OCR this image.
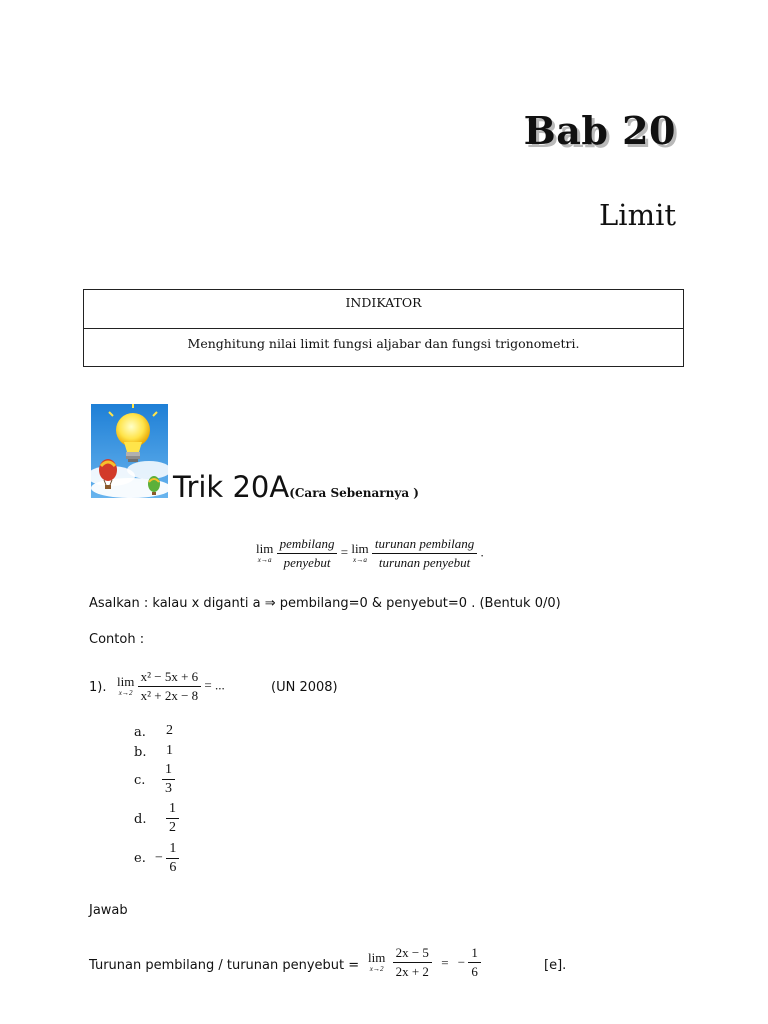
Bab 20
Limit
INDIKATOR
Menghitung nilai limit fungsi aljabar dan fungsi trigonometri.
Trik 20A(Cara Sebenarnya )
lim
x→a
$\frac{\text{pembilang}}{\text{penyebut}} = \lim$
x→a
$\frac{\text{turunan pembilang}}{\text{turunan penyebut}}$ .
Asalkan : kalau x diganti a ⇒ pembilang=0 & penyebut=0 . (Bentuk 0/0)
Contoh :
1). lim
x→2
$\frac{\text{x² − 5x + 6}}{\text{x² + 2x − 8}}$ = ...	(UN 2008)
a. 2
b. 1
c. $\frac{1}{3}$
d. $\frac{1}{2}$
e. − $\frac{1}{6}$
Jawab
Turunan pembilang / turunan penyebut =
lim
x→2
$\frac{2x - 5}{2x + 2}$ = − $\frac{1}{6}$	[e].
